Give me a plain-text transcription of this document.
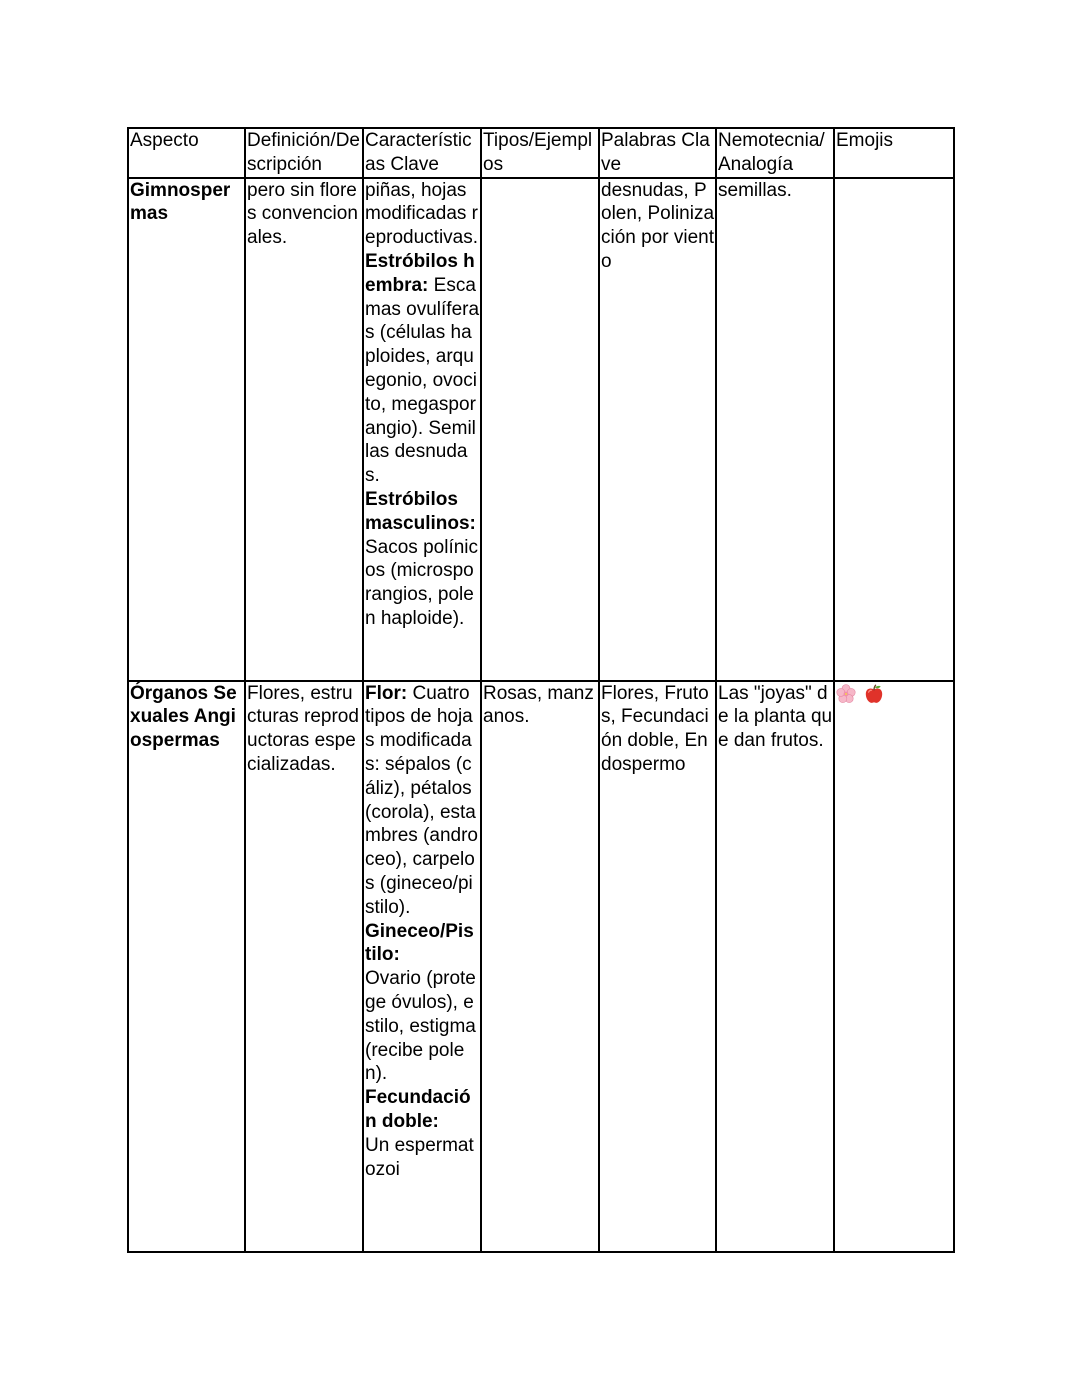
Aspecto	Definición/Descripción	Características Clave	Tipos/Ejemplos	Palabras Clave	Nemotecnia/Analogía	Emojis
Gimnospermas	pero sin flores convencionales.	piñas, hojas modificadas reproductivas. Estróbilos hembra: Escamas ovulíferas (células haploides, arquegonio, ovocito, megasporangio). Semillas desnudas.
Estróbilos masculinos:
Sacos polínicos (microsporangios, polen haploide).		desnudas, Polen, Polinización por viento	semillas.	
Órganos Sexuales Angiospermas	Flores, estructuras reproductoras especializadas.	Flor: Cuatro tipos de hojas modificadas: sépalos (cáliz), pétalos (corola), estambres (androceo), carpelos (gineceo/pistilo).
Gineceo/Pistilo:
Ovario (protege óvulos), estilo, estigma (recibe polen).
Fecundación doble:
Un espermatozoi	Rosas, manzanos.	Flores, Frutos, Fecundación doble, Endospermo	Las "joyas" de la planta que dan frutos.	
